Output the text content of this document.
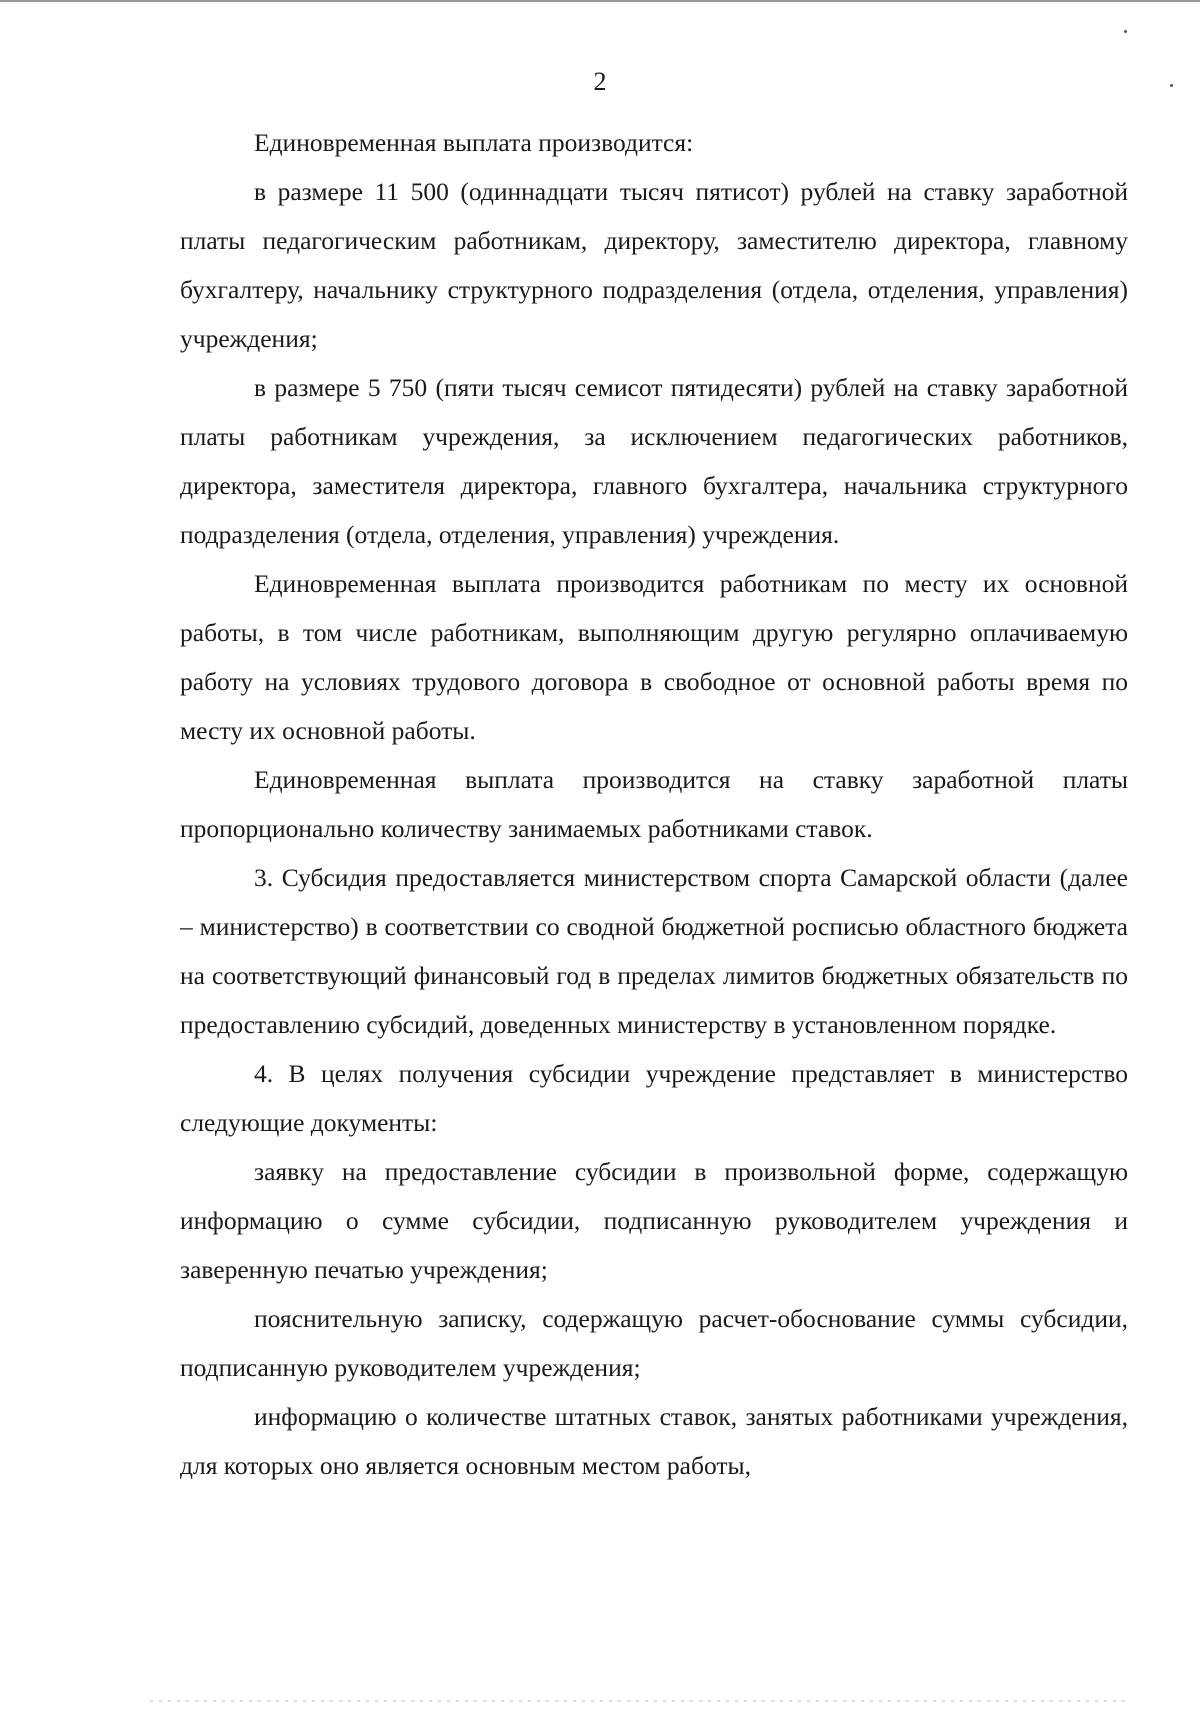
2

Единовременная выплата производится:

в размере 11 500 (одиннадцати тысяч пятисот) рублей на ставку заработной платы педагогическим работникам, директору, заместителю директора, главному бухгалтеру, начальнику структурного подразделения (отдела, отделения, управления) учреждения;

в размере 5 750 (пяти тысяч семисот пятидесяти) рублей на ставку заработной платы работникам учреждения, за исключением педагогических работников, директора, заместителя директора, главного бухгалтера, начальника структурного подразделения (отдела, отделения, управления) учреждения.

Единовременная выплата производится работникам по месту их основной работы, в том числе работникам, выполняющим другую регулярно оплачиваемую работу на условиях трудового договора в свободное от основной работы время по месту их основной работы.

Единовременная выплата производится на ставку заработной платы пропорционально количеству занимаемых работниками ставок.

3. Субсидия предоставляется министерством спорта Самарской области (далее – министерство) в соответствии со сводной бюджетной росписью областного бюджета на соответствующий финансовый год в пределах лимитов бюджетных обязательств по предоставлению субсидий, доведенных министерству в установленном порядке.

4. В целях получения субсидии учреждение представляет в министерство следующие документы:

заявку на предоставление субсидии в произвольной форме, содержащую информацию о сумме субсидии, подписанную руководителем учреждения и заверенную печатью учреждения;

пояснительную записку, содержащую расчет-обоснование суммы субсидии, подписанную руководителем учреждения;

информацию о количестве штатных ставок, занятых работниками учреждения, для которых оно является основным местом работы,
